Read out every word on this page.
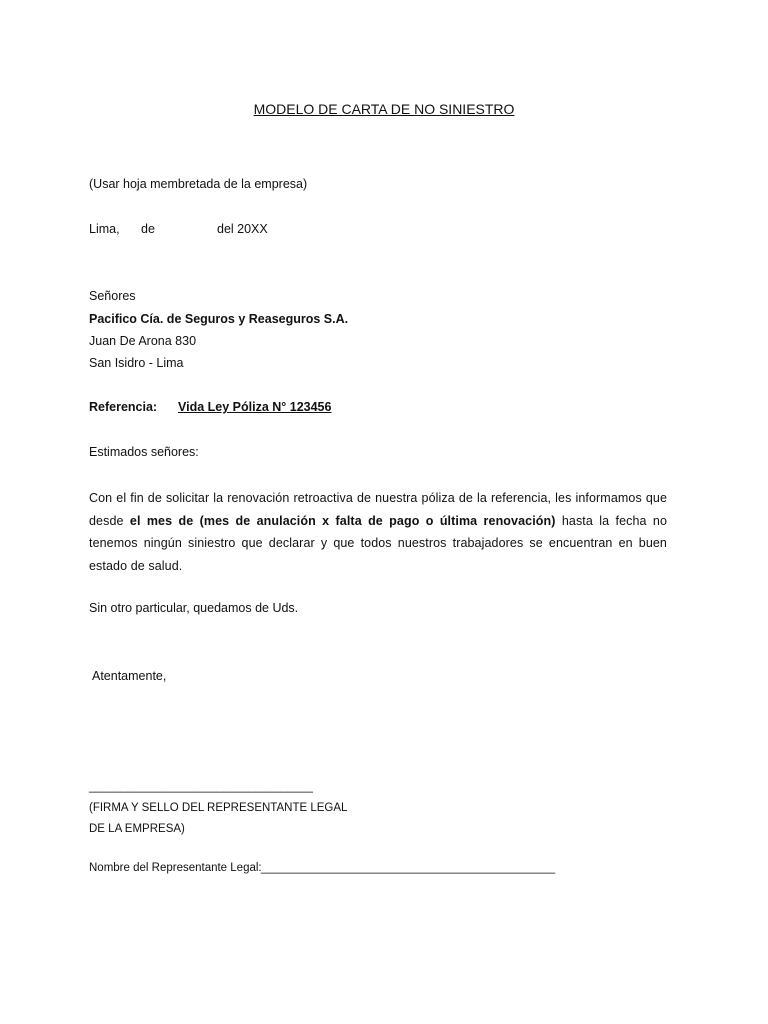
MODELO DE CARTA DE NO SINIESTRO
(Usar hoja membretada de la empresa)
Lima, de	del 20XX
Señores
Pacifico Cía. de Seguros y Reaseguros S.A.
Juan De Arona 830
San Isidro - Lima
Referencia: Vida Ley Póliza N° 123456
Estimados señores:
Con el fin de solicitar la renovación retroactiva de nuestra póliza de la referencia, les informamos que desde el mes de (mes de anulación x falta de pago o última renovación) hasta la fecha no tenemos ningún siniestro que declarar y que todos nuestros trabajadores se encuentran en buen estado de salud.
Sin otro particular, quedamos de Uds.
Atentamente,
___________________________________
(FIRMA Y SELLO DEL REPRESENTANTE LEGAL
DE LA EMPRESA)
Nombre del Representante Legal: ______________________________________________
